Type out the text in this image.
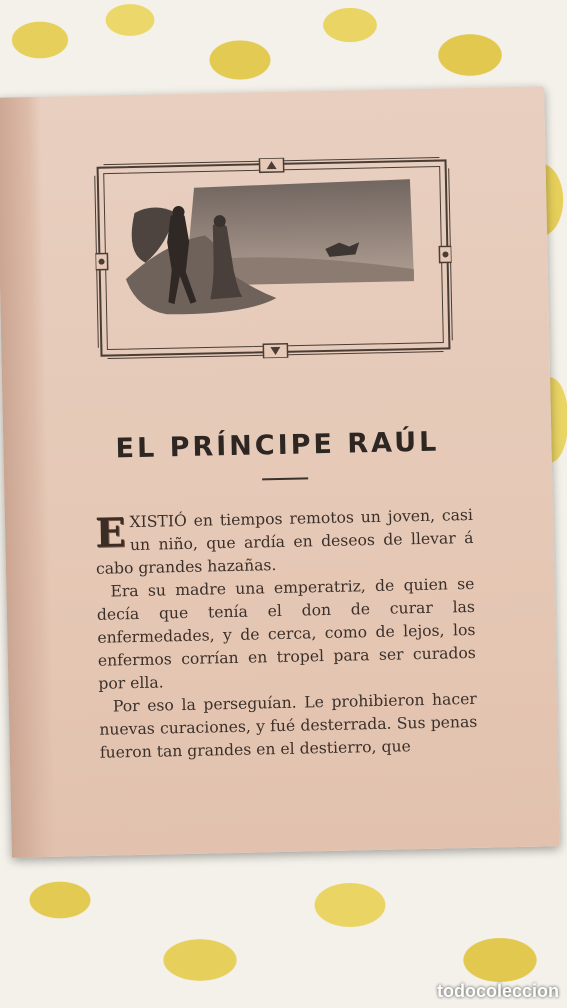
EL PRÍNCIPE RAÚL

EXISTIÓ en tiempos remotos un joven, casi un niño, que ardía en deseos de llevar á cabo grandes hazañas.

Era su madre una emperatriz, de quien se decía que tenía el don de curar las enfermedades, y de cerca, como de lejos, los enfermos corrían en tropel para ser curados por ella.

Por eso la perseguían. Le prohibieron hacer nuevas curaciones, y fué desterrada. Sus penas fueron tan grandes en el destierro, que

todocoleccion
